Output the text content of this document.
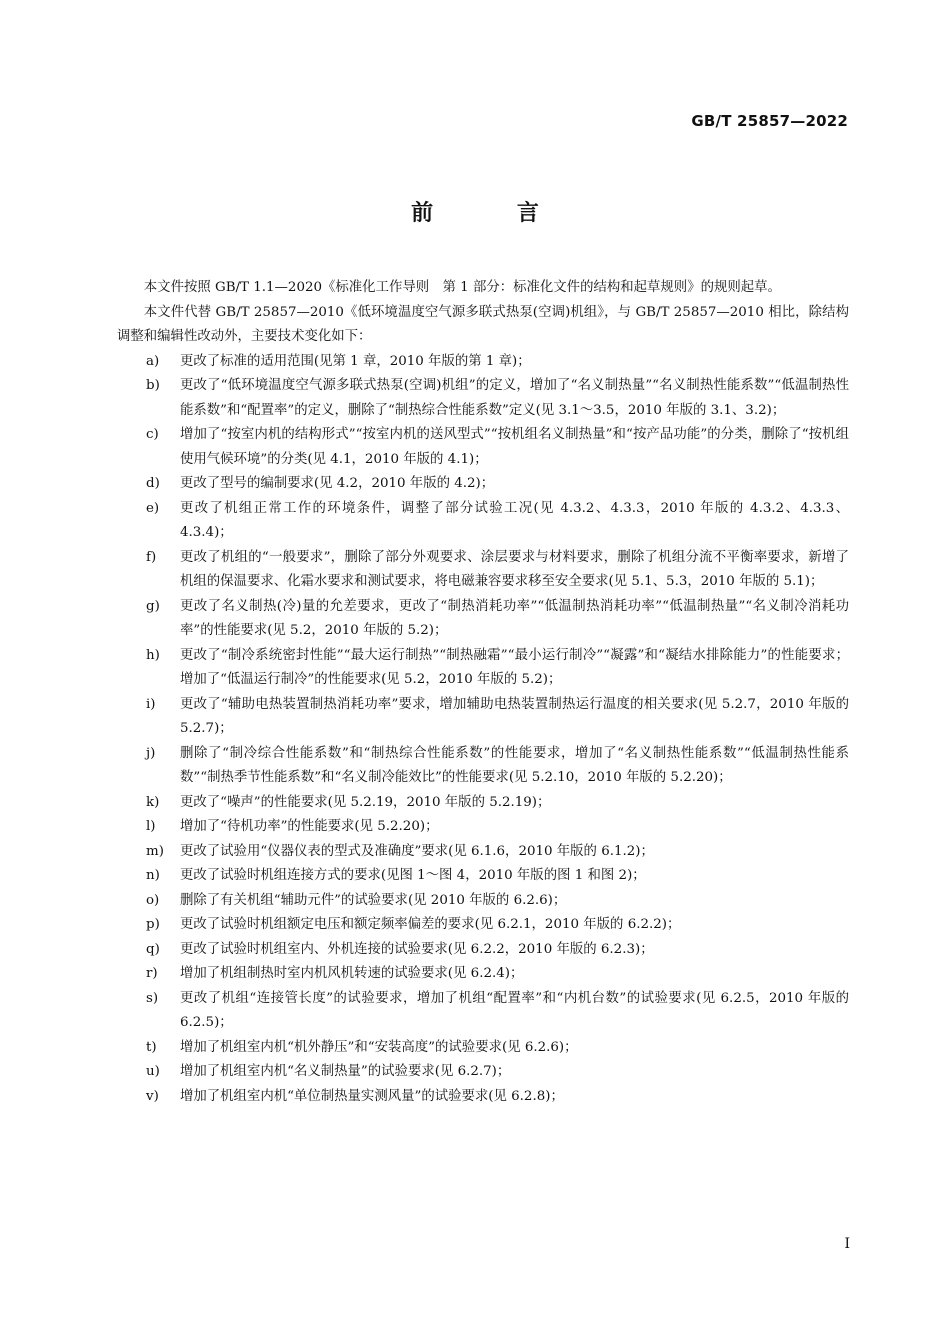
GB/T 25857—2022
前 言

本文件按照 GB/T 1.1—2020《标准化工作导则　第 1 部分：标准化文件的结构和起草规则》的规则起草。

本文件代替 GB/T 25857—2010《低环境温度空气源多联式热泵(空调)机组》，与 GB/T 25857—2010 相比，除结构调整和编辑性改动外，主要技术变化如下：

a)	更改了标准的适用范围(见第 1 章，2010 年版的第 1 章)；
b)	更改了“低环境温度空气源多联式热泵(空调)机组”的定义，增加了“名义制热量”“名义制热性能系数”“低温制热性能系数”和“配置率”的定义，删除了“制热综合性能系数”定义(见 3.1～3.5，2010 年版的 3.1、3.2)；
c)	增加了“按室内机的结构形式”“按室内机的送风型式”“按机组名义制热量”和“按产品功能”的分类，删除了“按机组使用气候环境”的分类(见 4.1，2010 年版的 4.1)；
d)	更改了型号的编制要求(见 4.2，2010 年版的 4.2)；
e)	更改了机组正常工作的环境条件，调整了部分试验工况(见 4.3.2、4.3.3，2010 年版的 4.3.2、4.3.3、4.3.4)；
f)	更改了机组的“一般要求”，删除了部分外观要求、涂层要求与材料要求，删除了机组分流不平衡率要求，新增了机组的保温要求、化霜水要求和测试要求，将电磁兼容要求移至安全要求(见 5.1、5.3，2010 年版的 5.1)；
g)	更改了名义制热(冷)量的允差要求，更改了“制热消耗功率”“低温制热消耗功率”“低温制热量”“名义制冷消耗功率”的性能要求(见 5.2，2010 年版的 5.2)；
h)	更改了“制冷系统密封性能”“最大运行制热”“制热融霜”“最小运行制冷”“凝露”和“凝结水排除能力”的性能要求；增加了“低温运行制冷”的性能要求(见 5.2，2010 年版的 5.2)；
i)	更改了“辅助电热装置制热消耗功率”要求，增加辅助电热装置制热运行温度的相关要求(见 5.2.7，2010 年版的 5.2.7)；
j)	删除了“制冷综合性能系数”和“制热综合性能系数”的性能要求，增加了“名义制热性能系数”“低温制热性能系数”“制热季节性能系数”和“名义制冷能效比”的性能要求(见 5.2.10，2010 年版的 5.2.20)；
k)	更改了“噪声”的性能要求(见 5.2.19，2010 年版的 5.2.19)；
l)	增加了“待机功率”的性能要求(见 5.2.20)；
m)	更改了试验用“仪器仪表的型式及准确度”要求(见 6.1.6，2010 年版的 6.1.2)；
n)	更改了试验时机组连接方式的要求(见图 1～图 4，2010 年版的图 1 和图 2)；
o)	删除了有关机组“辅助元件”的试验要求(见 2010 年版的 6.2.6)；
p)	更改了试验时机组额定电压和额定频率偏差的要求(见 6.2.1，2010 年版的 6.2.2)；
q)	更改了试验时机组室内、外机连接的试验要求(见 6.2.2，2010 年版的 6.2.3)；
r)	增加了机组制热时室内机风机转速的试验要求(见 6.2.4)；
s)	更改了机组“连接管长度”的试验要求，增加了机组“配置率”和“内机台数”的试验要求(见 6.2.5，2010 年版的 6.2.5)；
t)	增加了机组室内机“机外静压”和“安装高度”的试验要求(见 6.2.6)；
u)	增加了机组室内机“名义制热量”的试验要求(见 6.2.7)；
v)	增加了机组室内机“单位制热量实测风量”的试验要求(见 6.2.8)；
I
